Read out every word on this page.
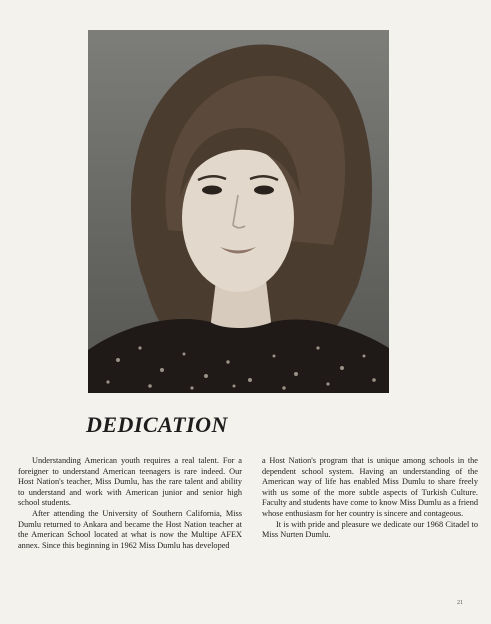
DEDICATION

Understanding American youth requires a real talent. For a foreigner to understand American teenagers is rare indeed. Our Host Nation's teacher, Miss Dumlu, has the rare talent and ability to understand and work with American junior and senior high school students.

After attending the University of Southern California, Miss Dumlu returned to Ankara and became the Host Nation teacher at the American School located at what is now the Multipe AFEX annex. Since this beginning in 1962 Miss Dumlu has developed

a Host Nation's program that is unique among schools in the dependent school system. Having an understanding of the American way of life has enabled Miss Dumlu to share freely with us some of the more subtle aspects of Turkish Culture. Faculty and students have come to know Miss Dumlu as a friend whose enthusiasm for her country is sincere and contageous.

It is with pride and pleasure we dedicate our 1968 Citadel to Miss Nurten Dumlu.

21
